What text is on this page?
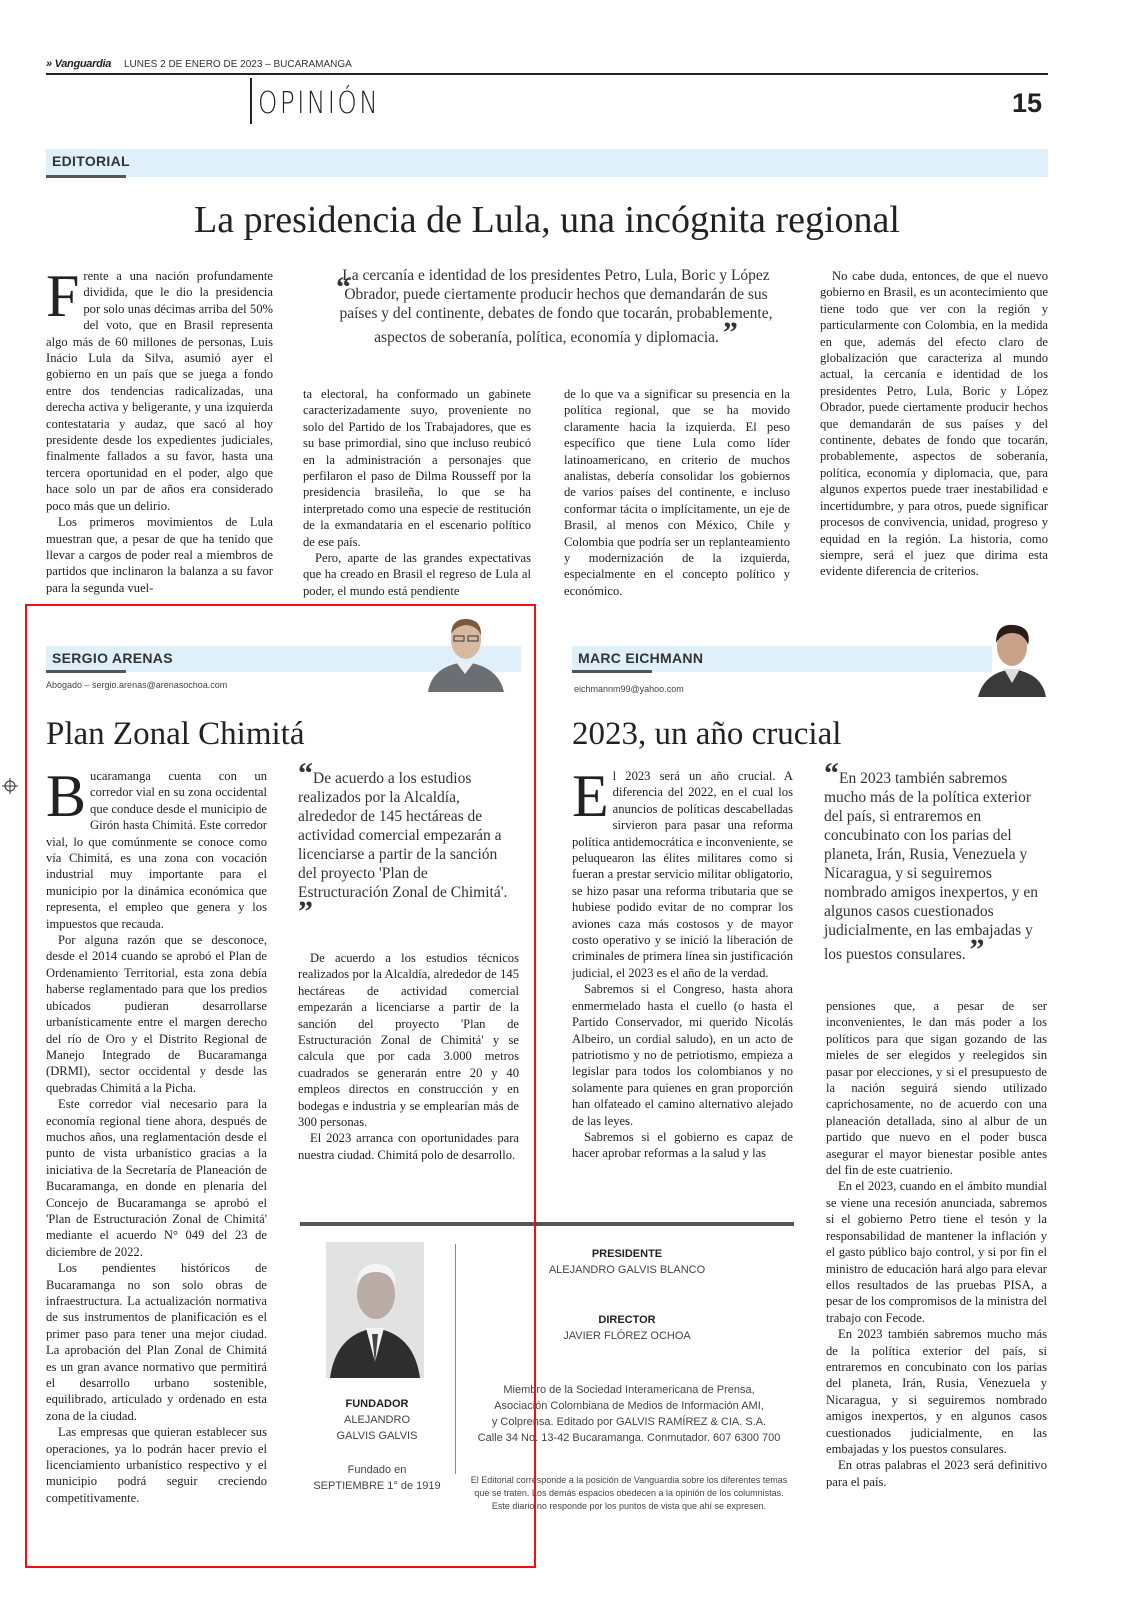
» Vanguardia LUNES 2 DE ENERO DE 2023 – BUCARAMANGA
OPINIÓN	15
EDITORIAL
La presidencia de Lula, una incógnita regional

Frente a una nación profundamente dividida, que le dio la presidencia por solo unas décimas arriba del 50% del voto, que en Brasil representa algo más de 60 millones de personas, Luis Inácio Lula da Silva, asumió ayer el gobierno en un país que se juega a fondo entre dos tendencias radicalizadas, una derecha activa y beligerante, y una izquierda contestataria y audaz, que sacó al hoy presidente desde los expedientes judiciales, finalmente fallados a su favor, hasta una tercera oportunidad en el poder, algo que hace solo un par de años era considerado poco más que un delirio.

Los primeros movimientos de Lula muestran que, a pesar de que ha tenido que llevar a cargos de poder real a miembros de partidos que inclinaron la balanza a su favor para la segunda vuel-

“
La cercanía e identidad de los presidentes Petro, Lula, Boric y López Obrador, puede ciertamente producir hechos que demandarán de sus países y del continente, debates de fondo que tocarán, probablemente, aspectos de soberanía, política, economía y diplomacia. ”

ta electoral, ha conformado un gabinete caracterizadamente suyo, proveniente no solo del Partido de los Trabajadores, que es su base primordial, sino que incluso reubicó en la administración a personajes que perfilaron el paso de Dilma Rousseff por la presidencia brasileña, lo que se ha interpretado como una especie de restitución de la exmandataria en el escenario político de ese país.

Pero, aparte de las grandes expectativas que ha creado en Brasil el regreso de Lula al poder, el mundo está pendiente

de lo que va a significar su presencia en la política regional, que se ha movido claramente hacia la izquierda. El peso específico que tiene Lula como líder latinoamericano, en criterio de muchos analistas, debería consolidar los gobiernos de varios países del continente, e incluso conformar tácita o implícitamente, un eje de Brasil, al menos con México, Chile y Colombia que podría ser un replanteamiento y modernización de la izquierda, especialmente en el concepto político y económico.

No cabe duda, entonces, de que el nuevo gobierno en Brasil, es un acontecimiento que tiene todo que ver con la región y particularmente con Colombia, en la medida en que, además del efecto claro de globalización que caracteriza al mundo actual, la cercanía e identidad de los presidentes Petro, Lula, Boric y López Obrador, puede ciertamente producir hechos que demandarán de sus países y del continente, debates de fondo que tocarán, probablemente, aspectos de soberanía, política, economía y diplomacia, que, para algunos expertos puede traer inestabilidad e incertidumbre, y para otros, puede significar procesos de convivencia, unidad, progreso y equidad en la región. La historia, como siempre, será el juez que dirima esta evidente diferencia de criterios.

SERGIO ARENAS
Abogado – sergio.arenas@arenasochoa.com
Plan Zonal Chimitá

Bucaramanga cuenta con un corredor vial en su zona occidental que conduce desde el municipio de Girón hasta Chimitá. Este corredor vial, lo que comúnmente se conoce como vía Chimitá, es una zona con vocación industrial muy importante para el municipio por la dinámica económica que representa, el empleo que genera y los impuestos que recauda.

Por alguna razón que se desconoce, desde el 2014 cuando se aprobó el Plan de Ordenamiento Territorial, esta zona debía haberse reglamentado para que los predios ubicados pudieran desarrollarse urbanísticamente entre el margen derecho del río de Oro y el Distrito Regional de Manejo Integrado de Bucaramanga (DRMI), sector occidental y desde las quebradas Chimitá a la Picha.

Este corredor vial necesario para la economía regional tiene ahora, después de muchos años, una reglamentación desde el punto de vista urbanístico gracias a la iniciativa de la Secretaría de Planeación de Bucaramanga, en donde en plenaria del Concejo de Bucaramanga se aprobó el 'Plan de Estructuración Zonal de Chimitá' mediante el acuerdo N° 049 del 23 de diciembre de 2022.

Los pendientes históricos de Bucaramanga no son solo obras de infraestructura. La actualización normativa de sus instrumentos de planificación es el primer paso para tener una mejor ciudad. La aprobación del Plan Zonal de Chimitá es un gran avance normativo que permitirá el desarrollo urbano sostenible, equilibrado, articulado y ordenado en esta zona de la ciudad.

Las empresas que quieran establecer sus operaciones, ya lo podrán hacer previo el licenciamiento urbanístico respectivo y el municipio podrá seguir creciendo competitivamente.

“De acuerdo a los estudios realizados por la Alcaldía, alrededor de 145 hectáreas de actividad comercial empezarán a licenciarse a partir de la sanción del proyecto 'Plan de Estructuración Zonal de Chimitá'. ”

De acuerdo a los estudios técnicos realizados por la Alcaldía, alrededor de 145 hectáreas de actividad comercial empezarán a licenciarse a partir de la sanción del proyecto 'Plan de Estructuración Zonal de Chimitá' y se calcula que por cada 3.000 metros cuadrados se generarán entre 20 y 40 empleos directos en construcción y en bodegas e industria y se emplearían más de 300 personas.

El 2023 arranca con oportunidades para nuestra ciudad. Chimitá polo de desarrollo.

MARC EICHMANN
eichmannm99@yahoo.com
2023, un año crucial

El 2023 será un año crucial. A diferencia del 2022, en el cual los anuncios de políticas descabelladas sirvieron para pasar una reforma política antidemocrática e inconveniente, se peluquearon las élites militares como si fueran a prestar servicio militar obligatorio, se hizo pasar una reforma tributaria que se hubiese podido evitar de no comprar los aviones caza más costosos y de mayor costo operativo y se inició la liberación de criminales de primera línea sin justificación judicial, el 2023 es el año de la verdad.

Sabremos si el Congreso, hasta ahora enmermelado hasta el cuello (o hasta el Partido Conservador, mi querido Nicolás Albeiro, un cordial saludo), en un acto de patriotismo y no de petriotismo, empieza a legislar para todos los colombianos y no solamente para quienes en gran proporción han olfateado el camino alternativo alejado de las leyes.

Sabremos si el gobierno es capaz de hacer aprobar reformas a la salud y las

“En 2023 también sabremos mucho más de la política exterior del país, si entraremos en concubinato con los parias del planeta, Irán, Rusia, Venezuela y Nicaragua, y si seguiremos nombrado amigos inexpertos, y en algunos casos cuestionados judicialmente, en las embajadas y los puestos consulares. ”

pensiones que, a pesar de ser inconvenientes, le dan más poder a los políticos para que sigan gozando de las mieles de ser elegidos y reelegidos sin pasar por elecciones, y si el presupuesto de la nación seguirá siendo utilizado caprichosamente, no de acuerdo con una planeación detallada, sino al albur de un partido que nuevo en el poder busca asegurar el mayor bienestar posible antes del fin de este cuatrienio.

En el 2023, cuando en el ámbito mundial se viene una recesión anunciada, sabremos si el gobierno Petro tiene el tesón y la responsabilidad de mantener la inflación y el gasto público bajo control, y si por fin el ministro de educación hará algo para elevar ellos resultados de las pruebas PISA, a pesar de los compromisos de la ministra del trabajo con Fecode.

En 2023 también sabremos mucho más de la política exterior del país, si entraremos en concubinato con los parias del planeta, Irán, Rusia, Venezuela y Nicaragua, y si seguiremos nombrado amigos inexpertos, y en algunos casos cuestionados judicialmente, en las embajadas y los puestos consulares.

En otras palabras el 2023 será definitivo para el país.

FUNDADOR
ALEJANDRO
GALVIS GALVIS
Fundado en
SEPTIEMBRE 1° de 1919
PRESIDENTE
ALEJANDRO GALVIS BLANCO
DIRECTOR
JAVIER FLÓREZ OCHOA
Miembro de la Sociedad Interamericana de Prensa,
Asociación Colombiana de Medios de Información AMI,
y Colprensa. Editado por GALVIS RAMÍREZ & CIA. S.A.
Calle 34 No. 13-42 Bucaramanga. Conmutador. 607 6300 700
El Editorial corresponde a la posición de Vanguardia sobre los diferentes temas
que se traten. Los demás espacios obedecen a la opinión de los columnistas.
Este diario no responde por los puntos de vista que ahí se expresen.
